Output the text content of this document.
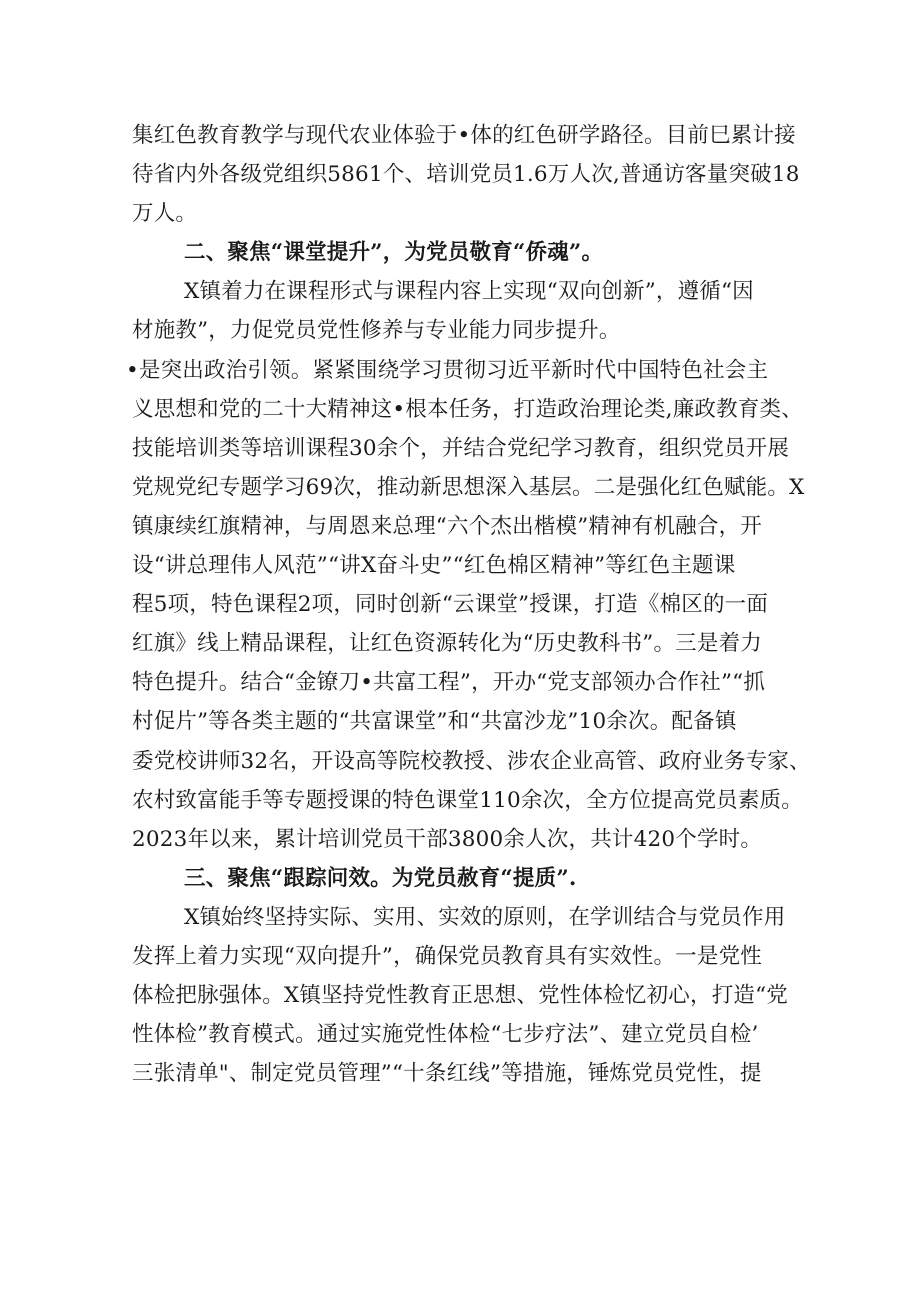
集红色教育教学与现代农业体验于•体的红色研学路径。目前巳累计接
待省内外各级党组织5861个、培训党员1.6万人次,普通访客量突破18
万人。
二、聚焦“课堂提升”，为党员敬育“侨魂”。
X镇着力在课程形式与课程内容上实现“双向创新”，遵循“因
材施教”，力促党员党性修养与专业能力同步提升。
•是突出政治引领。紧紧围绕学习贯彻习近平新时代中国特色社会主
义思想和党的二十大精神这•根本任务，打造政治理论类,廉政教育类、
技能培训类等培训课程30余个，并结合党纪学习教育，组织党员开展
党规党纪专题学习69次，推动新思想深入基层。二是强化红色赋能。X
镇康续红旗精神，与周恩来总理“六个杰出楷模”精神有机融合，开
设“讲总理伟人风范”“讲X奋斗史”“红色棉区精神”等红色主题课
程5项，特色课程2项，同时创新“云课堂”授课，打造《棉区的一面
红旗》线上精品课程，让红色资源转化为“历史教科书”。三是着力
特色提升。结合“金镣刀•共富工程”，开办“党支部领办合作社”“抓
村促片”等各类主题的“共富课堂”和“共富沙龙”10余次。配备镇
委党校讲师32名，开设高等院校教授、涉农企业高管、政府业务专家、
农村致富能手等专题授课的特色课堂110余次，全方位提高党员素质。
2023年以来，累计培训党员干部3800余人次，共计420个学时。
三、聚焦“跟踪问效。为党员赦育“提质”.
X镇始终坚持实际、实用、实效的原则，在学训结合与党员作用
发挥上着力实现“双向提升”，确保党员教育具有实效性。一是党性
体检把脉强体。X镇坚持党性教育正思想、党性体检忆初心，打造“党
性体检”教育模式。通过实施党性体检“七步疗法”、建立党员自检’
三张清单"、制定党员管理”“十条红线”等措施，锤炼党员党性，提
